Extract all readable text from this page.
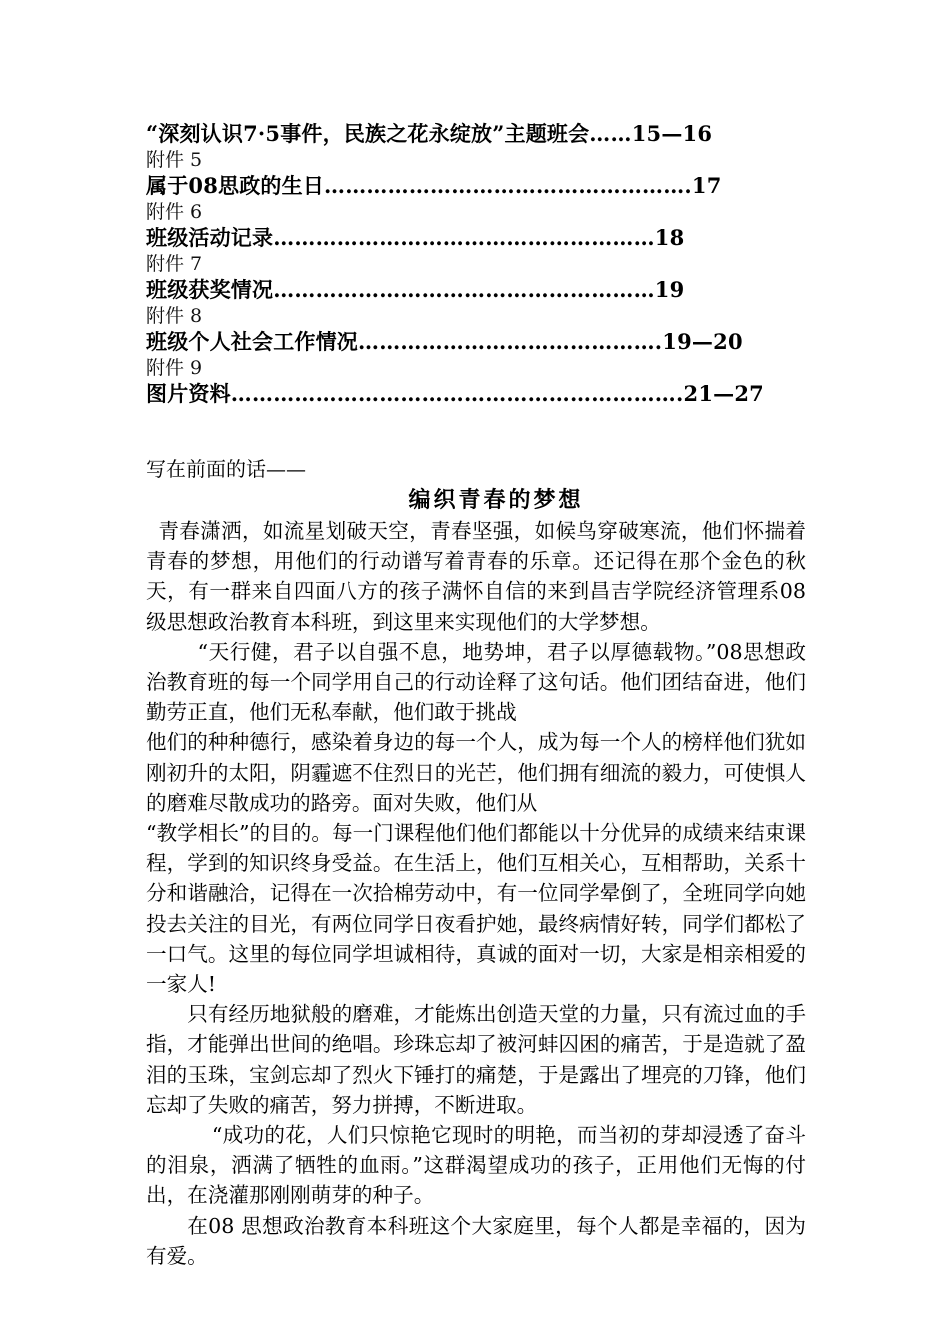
“深刻认识7·5事件，民族之花永绽放”主题班会……15—16
附件 5
属于08思政的生日…………………………………………….17
附件 6
班级活动记录………………………………………………18
附件 7
班级获奖情况………………………………………………19
附件 8
班级个人社会工作情况…………………………………….19—20
附件 9
图片资料……………………………………………………….21—27
写在前面的话——
编织青春的梦想

青春潇洒，如流星划破天空，青春坚强，如候鸟穿破寒流，他们怀揣着青春的梦想，用他们的行动谱写着青春的乐章。还记得在那个金色的秋天，有一群来自四面八方的孩子满怀自信的来到昌吉学院经济管理系08级思想政治教育本科班，到这里来实现他们的大学梦想。

“天行健，君子以自强不息，地势坤，君子以厚德载物。”08思想政治教育班的每一个同学用自己的行动诠释了这句话。他们团结奋进，他们勤劳正直，他们无私奉献，他们敢于挑战

他们的种种德行，感染着身边的每一个人，成为每一个人的榜样他们犹如刚初升的太阳，阴霾遮不住烈日的光芒，他们拥有细流的毅力，可使惧人的磨难尽散成功的路旁。面对失败，他们从

“教学相长”的目的。每一门课程他们他们都能以十分优异的成绩来结束课程，学到的知识终身受益。在生活上，他们互相关心，互相帮助，关系十分和谐融洽，记得在一次拾棉劳动中，有一位同学晕倒了，全班同学向她投去关注的目光，有两位同学日夜看护她，最终病情好转，同学们都松了一口气。这里的每位同学坦诚相待，真诚的面对一切，大家是相亲相爱的一家人!

只有经历地狱般的磨难，才能炼出创造天堂的力量，只有流过血的手指，才能弹出世间的绝唱。珍珠忘却了被河蚌囚困的痛苦，于是造就了盈泪的玉珠，宝剑忘却了烈火下锤打的痛楚，于是露出了埋亮的刀锋，他们忘却了失败的痛苦，努力拼搏，不断进取。

“成功的花，人们只惊艳它现时的明艳，而当初的芽却浸透了奋斗的泪泉，洒满了牺牲的血雨。”这群渴望成功的孩子，正用他们无悔的付出，在浇灌那刚刚萌芽的种子。

在08 思想政治教育本科班这个大家庭里，每个人都是幸福的，因为有爱。
